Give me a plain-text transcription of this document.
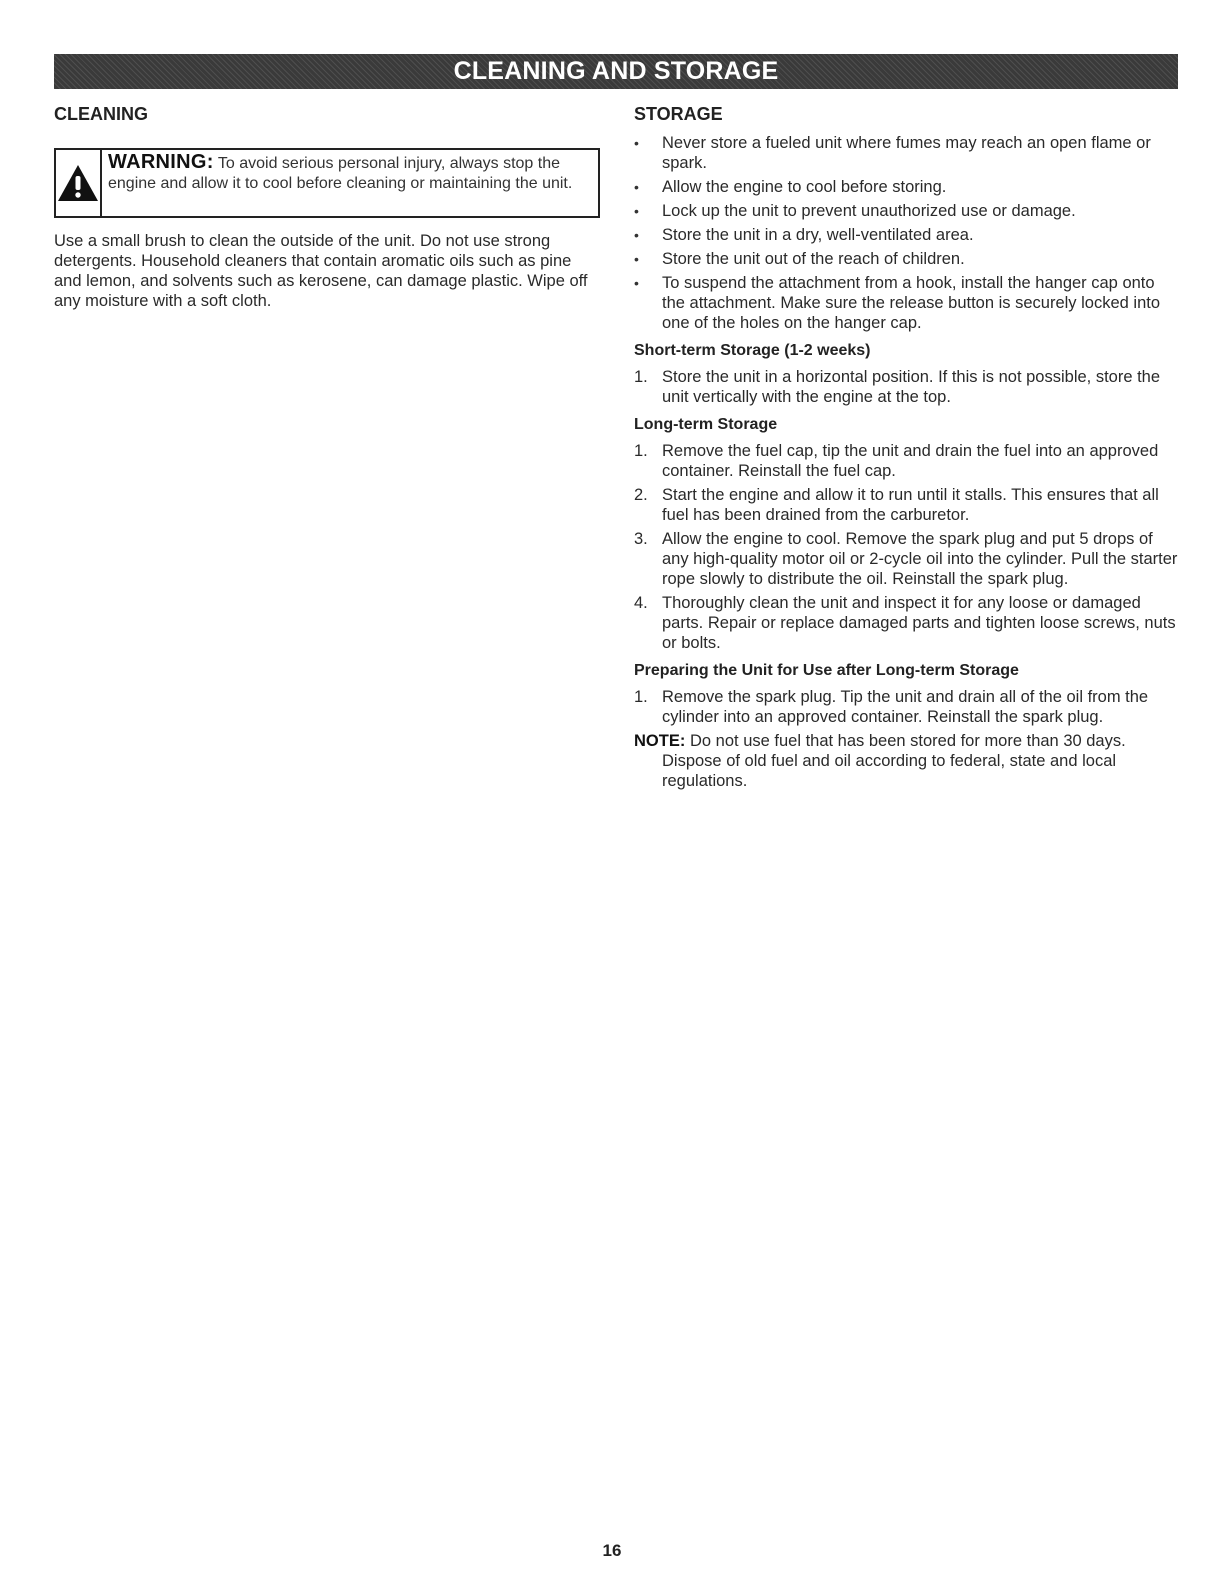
CLEANING AND STORAGE
CLEANING
WARNING: To avoid serious personal injury, always stop the engine and allow it to cool before cleaning or maintaining the unit.

Use a small brush to clean the outside of the unit. Do not use strong detergents. Household cleaners that contain aromatic oils such as pine and lemon, and solvents such as kerosene, can damage plastic. Wipe off any moisture with a soft cloth.

STORAGE
• Never store a fueled unit where fumes may reach an open flame or spark.
• Allow the engine to cool before storing.
• Lock up the unit to prevent unauthorized use or damage.
• Store the unit in a dry, well-ventilated area.
• Store the unit out of the reach of children.
• To suspend the attachment from a hook, install the hanger cap onto the attachment. Make sure the release button is securely locked into one of the holes on the hanger cap.
Short-term Storage (1-2 weeks)
1. Store the unit in a horizontal position. If this is not possible, store the unit vertically with the engine at the top.
Long-term Storage
1. Remove the fuel cap, tip the unit and drain the fuel into an approved container. Reinstall the fuel cap.
2. Start the engine and allow it to run until it stalls. This ensures that all fuel has been drained from the carburetor.
3. Allow the engine to cool. Remove the spark plug and put 5 drops of any high-quality motor oil or 2-cycle oil into the cylinder. Pull the starter rope slowly to distribute the oil. Reinstall the spark plug.
4. Thoroughly clean the unit and inspect it for any loose or damaged parts. Repair or replace damaged parts and tighten loose screws, nuts or bolts.
Preparing the Unit for Use after Long-term Storage
1. Remove the spark plug. Tip the unit and drain all of the oil from the cylinder into an approved container. Reinstall the spark plug.
NOTE: Do not use fuel that has been stored for more than 30 days. Dispose of old fuel and oil according to federal, state and local regulations.
16
